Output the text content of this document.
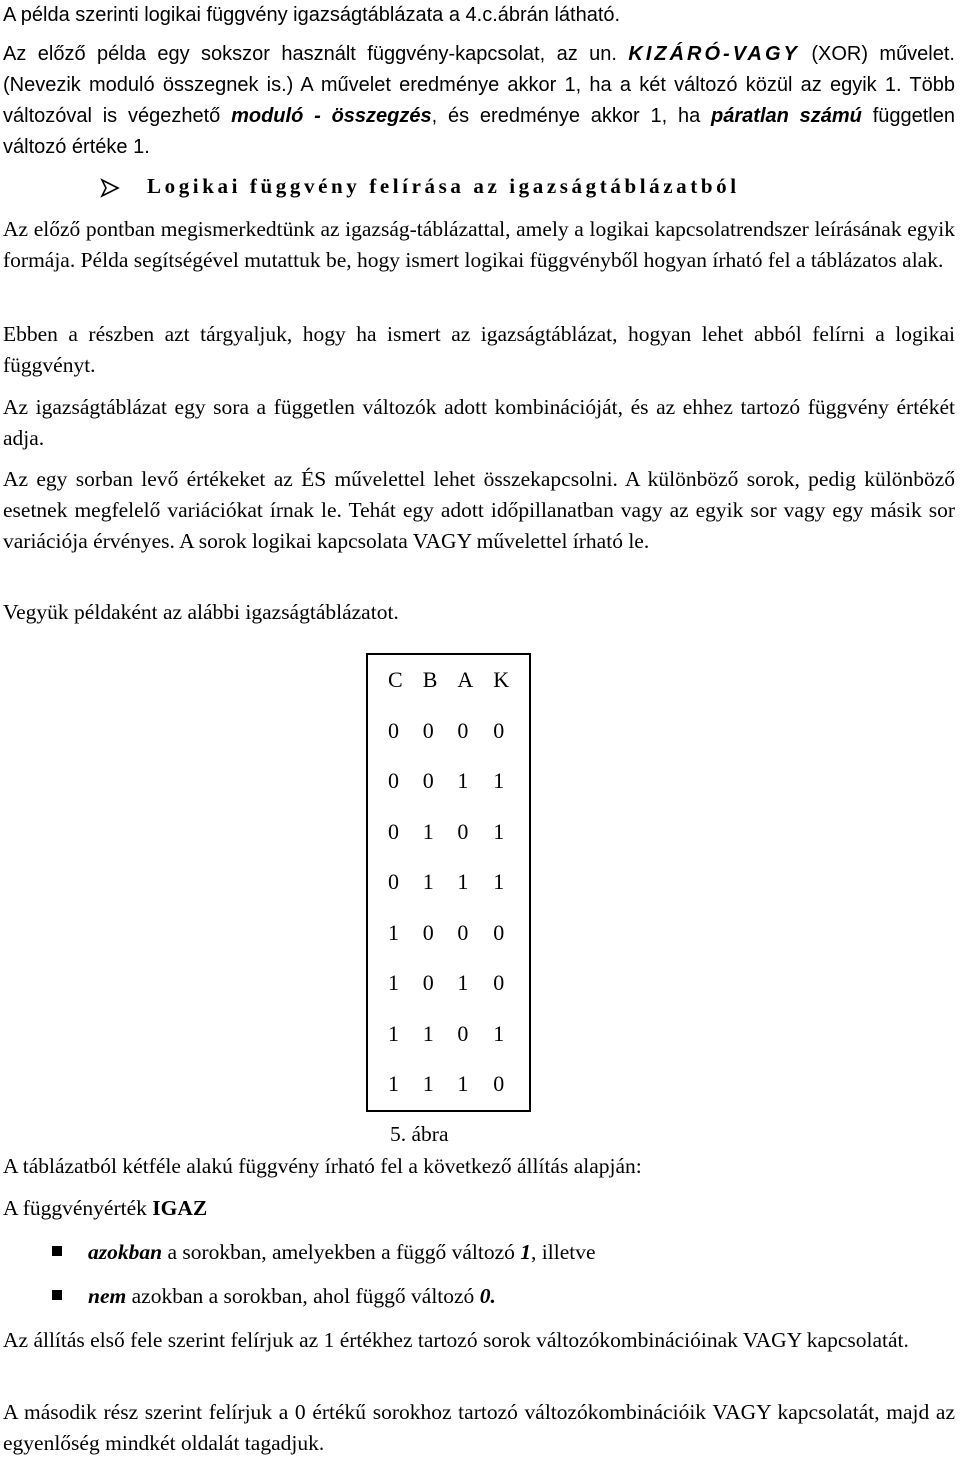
A példa szerinti logikai függvény igazságtáblázata a 4.c.ábrán látható.

Az előző példa egy sokszor használt függvény-kapcsolat, az un. KIZÁRÓ-VAGY (XOR) művelet. (Nevezik moduló összegnek is.) A művelet eredménye akkor 1, ha a két változó közül az egyik 1. Több változóval is végezhető moduló - összegzés, és eredménye akkor 1, ha páratlan számú független változó értéke 1.

Logikai függvény felírása az igazságtáblázatból

Az előző pontban megismerkedtünk az igazság-táblázattal, amely a logikai kapcsolatrendszer leírásának egyik formája. Példa segítségével mutattuk be, hogy ismert logikai függvényből hogyan írható fel a táblázatos alak.

Ebben a részben azt tárgyaljuk, hogy ha ismert az igazságtáblázat, hogyan lehet abból felírni a logikai függvényt.

Az igazságtáblázat egy sora a független változók adott kombinációját, és az ehhez tartozó függvény értékét adja.

Az egy sorban levő értékeket az ÉS művelettel lehet összekapcsolni. A különböző sorok, pedig különböző esetnek megfelelő variációkat írnak le. Tehát egy adott időpillanatban vagy az egyik sor vagy egy másik sor variációja érvényes. A sorok logikai kapcsolata VAGY művelettel írható le.

Vegyük példaként az alábbi igazságtáblázatot.

C	B	A	K
0	0	0	0
0	0	1	1
0	1	0	1
0	1	1	1
1	0	0	0
1	0	1	0
1	1	0	1
1	1	1	0
5. ábra

A táblázatból kétféle alakú függvény írható fel a következő állítás alapján:

A függvényérték IGAZ

azokban a sorokban, amelyekben a függő változó 1, illetve
nem azokban a sorokban, ahol függő változó 0.

Az állítás első fele szerint felírjuk az 1 értékhez tartozó sorok változókombinációinak VAGY kapcsolatát.

A második rész szerint felírjuk a 0 értékű sorokhoz tartozó változókombinációik VAGY kapcsolatát, majd az egyenlőség mindkét oldalát tagadjuk.
